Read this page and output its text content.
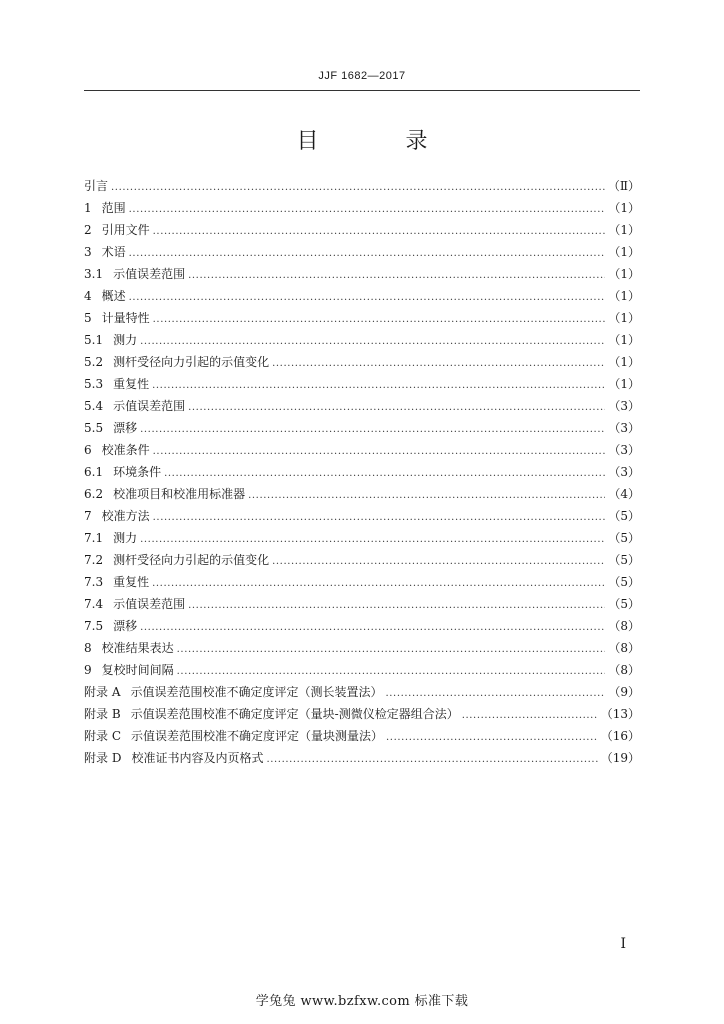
JJF 1682—2017
目 录
引言 .....	（Ⅱ）
1 范围 .....	（1）
2 引用文件 .....	（1）
3 术语 .....	（1）
3.1 示值误差范围 .....	（1）
4 概述 .....	（1）
5 计量特性 .....	（1）
5.1 测力 .....	（1）
5.2 测杆受径向力引起的示值变化 .....	（1）
5.3 重复性 .....	（1）
5.4 示值误差范围 .....	（3）
5.5 漂移 .....	（3）
6 校准条件 .....	（3）
6.1 环境条件 .....	（3）
6.2 校准项目和校准用标准器 .....	（4）
7 校准方法 .....	（5）
7.1 测力 .....	（5）
7.2 测杆受径向力引起的示值变化 .....	（5）
7.3 重复性 .....	（5）
7.4 示值误差范围 .....	（5）
7.5 漂移 .....	（8）
8 校准结果表达 .....	（8）
9 复校时间间隔 .....	（8）
附录 A 示值误差范围校准不确定度评定（测长装置法） .....	（9）
附录 B 示值误差范围校准不确定度评定（量块-测微仪检定器组合法） .....	（13）
附录 C 示值误差范围校准不确定度评定（量块测量法） .....	（16）
附录 D 校准证书内容及内页格式 .....	（19）
I
学兔兔 www.bzfxw.com 标准下载
